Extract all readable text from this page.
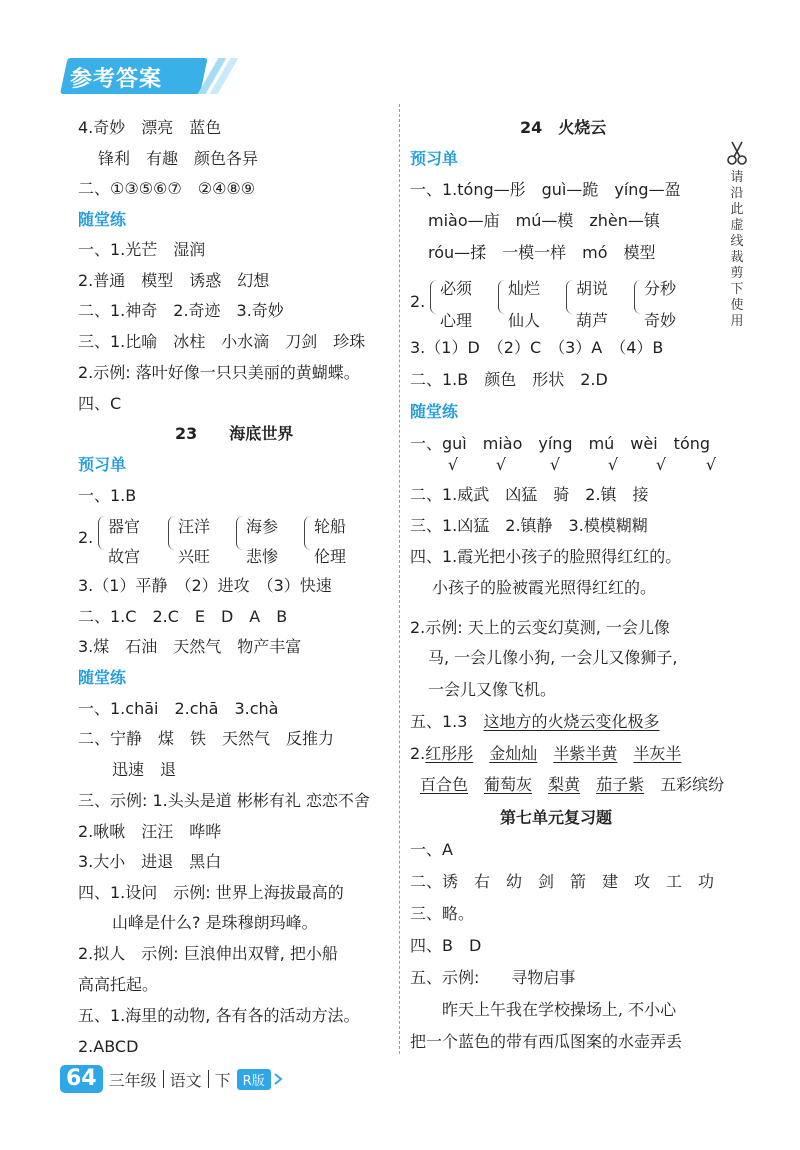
参考答案
4.奇妙　漂亮　蓝色
锋利　有趣　颜色各异
二、①③⑤⑥⑦　②④⑧⑨
随堂练
一、1.光芒　湿润
2.普通　模型　诱惑　幻想
二、1.神奇　2.奇迹　3.奇妙
三、1.比喻　冰柱　小水滴　刀剑　珍珠
2.示例: 落叶好像一只只美丽的黄蝴蝶。
四、C
23　　海底世界
预习单
一、1.B
2.
器官
故宫
汪洋
兴旺
海参
悲惨
轮船
伦理
3.（1）平静　（2）进攻　（3）快速
二、1.C　2.C　E　D　A　B
3.煤　石油　天然气　物产丰富
随堂练
一、1.chāi　2.chā　3.chà
二、宁静　煤　铁　天然气　反推力
迅速　退
三、示例: 1.头头是道 彬彬有礼 恋恋不舍
2.啾啾　汪汪　哗哗
3.大小　进退　黑白
四、1.设问　示例: 世界上海拔最高的
山峰是什么? 是珠穆朗玛峰。
2.拟人　示例: 巨浪伸出双臂, 把小船
高高托起。
五、1.海里的动物, 各有各的活动方法。
2.ABCD
24　火烧云
预习单
一、1.tóng—彤　guì—跪　yíng—盈
miào—庙　mú—模　zhèn—镇
róu—揉　一模一样　mó　模型
2.
必须
心理
灿烂
仙人
胡说
葫芦
分秒
奇妙
3.（1）D　（2）C　（3）A　（4）B
二、1.B　颜色　形状　2.D
随堂练
一、guì　miào　yíng　mú　wèi　tóng
√ √	√	√ √ √
二、1.威武　凶猛　骑　2.镇　接
三、1.凶猛　2.镇静　3.模模糊糊
四、1.霞光把小孩子的脸照得红红的。
小孩子的脸被霞光照得红红的。
2.示例: 天上的云变幻莫测, 一会儿像
马, 一会儿像小狗, 一会儿又像狮子,
一会儿又像飞机。
五、1.3　这地方的火烧云变化极多
2.红彤彤　 金灿灿　 半紫半黄　 半灰半
百合色　 葡萄灰　 梨黄　 茄子紫　 五彩缤纷
第七单元复习题
一、A
二、诱　右　幼　剑　箭　建　攻　工　功
三、略。
四、B　D
五、示例:　　寻物启事
　　昨天上午我在学校操场上, 不小心
把一个蓝色的带有西瓜图案的水壶弄丢
请
沿
此
虚
线
裁
剪
下
使
用
64 三年级 语文 下 R版
